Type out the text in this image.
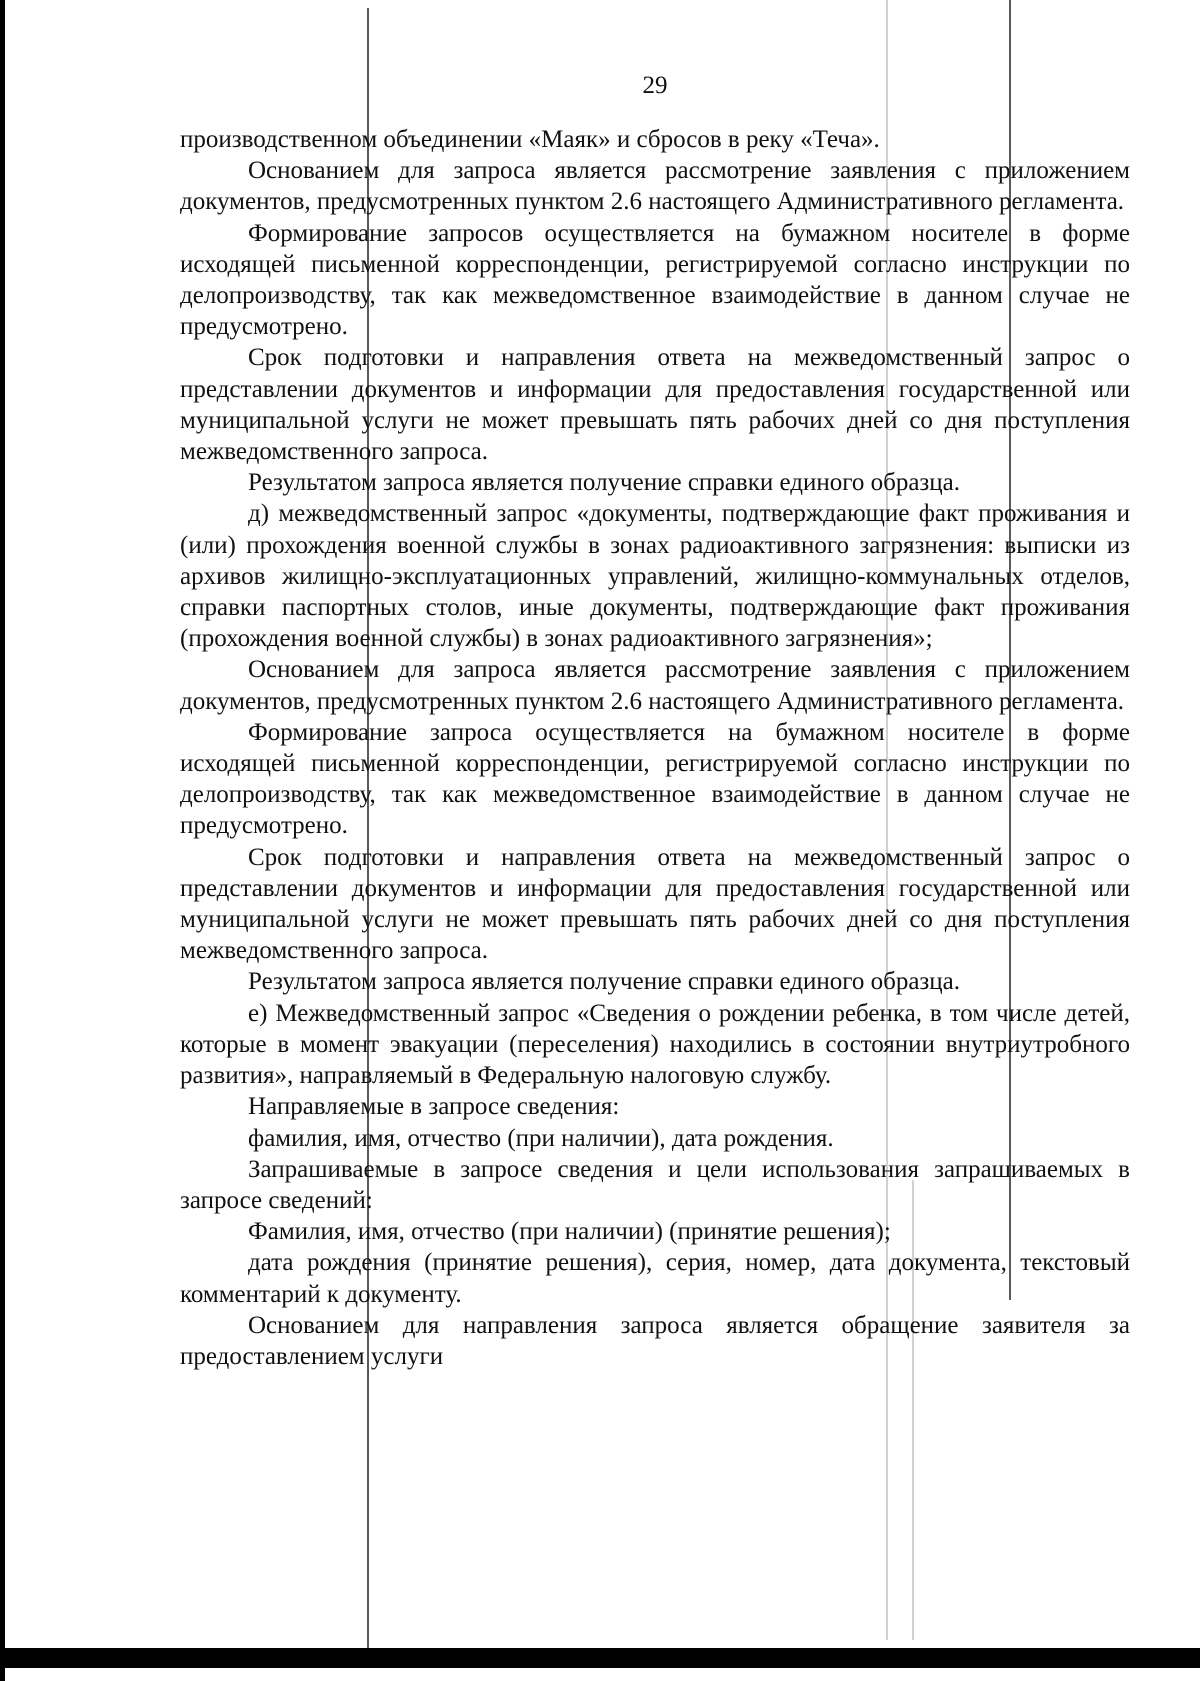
29

производственном объединении «Маяк» и сбросов в реку «Теча».

Основанием для запроса является рассмотрение заявления с приложением документов, предусмотренных пунктом 2.6 настоящего Административного регламента.

Формирование запросов осуществляется на бумажном носителе в форме исходящей письменной корреспонденции, регистрируемой согласно инструкции по делопроизводству, так как межведомственное взаимодействие в данном случае не предусмотрено.

Срок подготовки и направления ответа на межведомственный запрос о представлении документов и информации для предоставления государственной или муниципальной услуги не может превышать пять рабочих дней со дня поступления межведомственного запроса.

Результатом запроса является получение справки единого образца.

д) межведомственный запрос «документы, подтверждающие факт проживания и (или) прохождения военной службы в зонах радиоактивного загрязнения: выписки из архивов жилищно-эксплуатационных управлений, жилищно-коммунальных отделов, справки паспортных столов, иные документы, подтверждающие факт проживания (прохождения военной службы) в зонах радиоактивного загрязнения»;

Основанием для запроса является рассмотрение заявления с приложением документов, предусмотренных пунктом 2.6 настоящего Административного регламента.

Формирование запроса осуществляется на бумажном носителе в форме исходящей письменной корреспонденции, регистрируемой согласно инструкции по делопроизводству, так как межведомственное взаимодействие в данном случае не предусмотрено.

Срок подготовки и направления ответа на межведомственный запрос о представлении документов и информации для предоставления государственной или муниципальной услуги не может превышать пять рабочих дней со дня поступления межведомственного запроса.

Результатом запроса является получение справки единого образца.

е) Межведомственный запрос «Сведения о рождении ребенка, в том числе детей, которые в момент эвакуации (переселения) находились в состоянии внутриутробного развития», направляемый в Федеральную налоговую службу.

Направляемые в запросе сведения:

фамилия, имя, отчество (при наличии), дата рождения.

Запрашиваемые в запросе сведения и цели использования запрашиваемых в запросе сведений:

Фамилия, имя, отчество (при наличии) (принятие решения);

дата рождения (принятие решения), серия, номер, дата документа, текстовый комментарий к документу.

Основанием для направления запроса является обращение заявителя за предоставлением услуги
